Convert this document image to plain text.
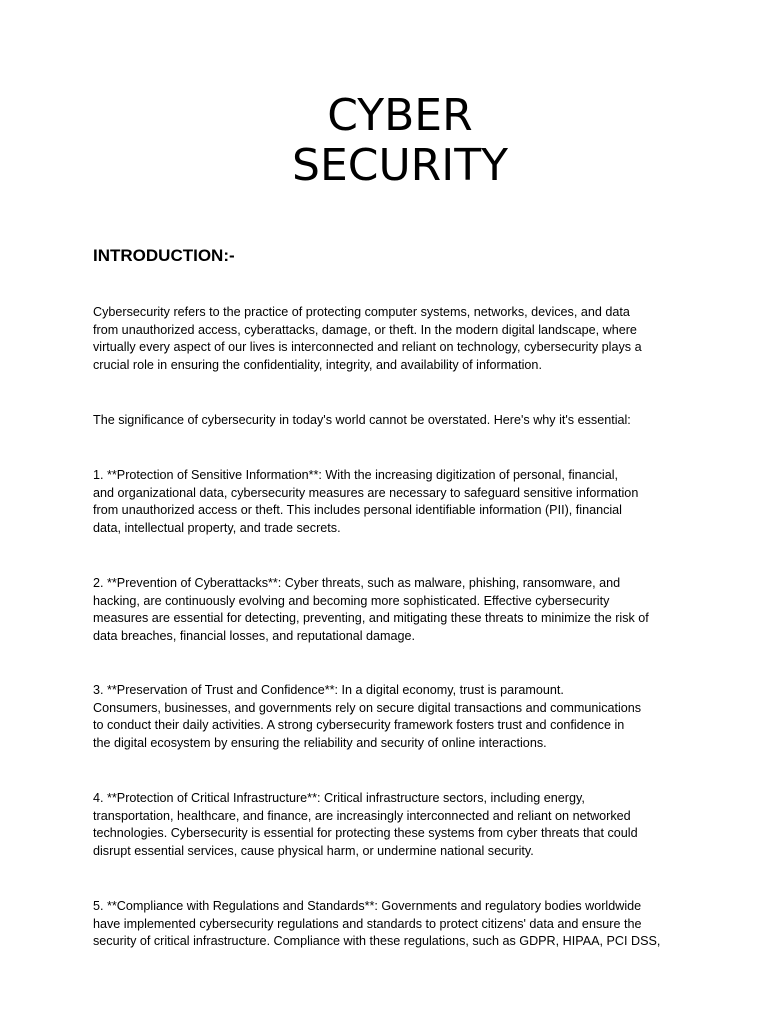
CYBER
SECURITY
INTRODUCTION:-

Cybersecurity refers to the practice of protecting computer systems, networks, devices, and data
from unauthorized access, cyberattacks, damage, or theft. In the modern digital landscape, where
virtually every aspect of our lives is interconnected and reliant on technology, cybersecurity plays a
crucial role in ensuring the confidentiality, integrity, and availability of information.

The significance of cybersecurity in today's world cannot be overstated. Here's why it's essential:

1. **Protection of Sensitive Information**: With the increasing digitization of personal, financial,
and organizational data, cybersecurity measures are necessary to safeguard sensitive information
from unauthorized access or theft. This includes personal identifiable information (PII), financial
data, intellectual property, and trade secrets.

2. **Prevention of Cyberattacks**: Cyber threats, such as malware, phishing, ransomware, and
hacking, are continuously evolving and becoming more sophisticated. Effective cybersecurity
measures are essential for detecting, preventing, and mitigating these threats to minimize the risk of
data breaches, financial losses, and reputational damage.

3. **Preservation of Trust and Confidence**: In a digital economy, trust is paramount.
Consumers, businesses, and governments rely on secure digital transactions and communications
to conduct their daily activities. A strong cybersecurity framework fosters trust and confidence in
the digital ecosystem by ensuring the reliability and security of online interactions.

4. **Protection of Critical Infrastructure**: Critical infrastructure sectors, including energy,
transportation, healthcare, and finance, are increasingly interconnected and reliant on networked
technologies. Cybersecurity is essential for protecting these systems from cyber threats that could
disrupt essential services, cause physical harm, or undermine national security.

5. **Compliance with Regulations and Standards**: Governments and regulatory bodies worldwide
have implemented cybersecurity regulations and standards to protect citizens' data and ensure the
security of critical infrastructure. Compliance with these regulations, such as GDPR, HIPAA, PCI DSS,
